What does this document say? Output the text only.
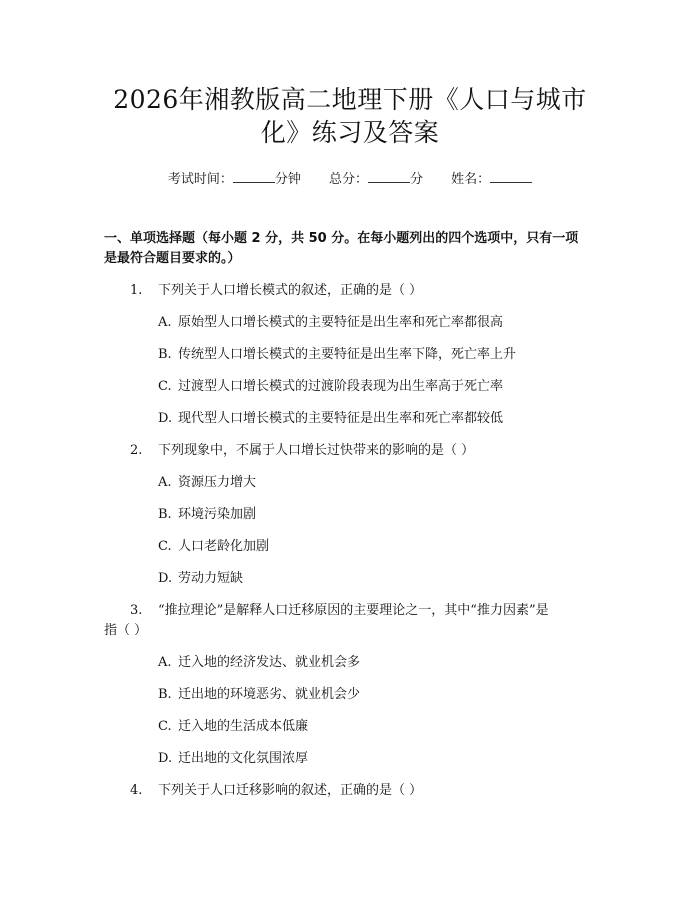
2026年湘教版高二地理下册《人口与城市
化》练习及答案
考试时间：	分钟 总分：	分 姓名：
一、单项选择题（每小题 2 分，共 50 分。在每小题列出的四个选项中，只有一项
是最符合题目要求的。）
1. 下列关于人口增长模式的叙述，正确的是（ ）
A. 原始型人口增长模式的主要特征是出生率和死亡率都很高
B. 传统型人口增长模式的主要特征是出生率下降，死亡率上升
C. 过渡型人口增长模式的过渡阶段表现为出生率高于死亡率
D. 现代型人口增长模式的主要特征是出生率和死亡率都较低
2. 下列现象中，不属于人口增长过快带来的影响的是（ ）
A. 资源压力增大
B. 环境污染加剧
C. 人口老龄化加剧
D. 劳动力短缺
3. “推拉理论”是解释人口迁移原因的主要理论之一，其中“推力因素”是
指（ ）
A. 迁入地的经济发达、就业机会多
B. 迁出地的环境恶劣、就业机会少
C. 迁入地的生活成本低廉
D. 迁出地的文化氛围浓厚
4. 下列关于人口迁移影响的叙述，正确的是（ ）
